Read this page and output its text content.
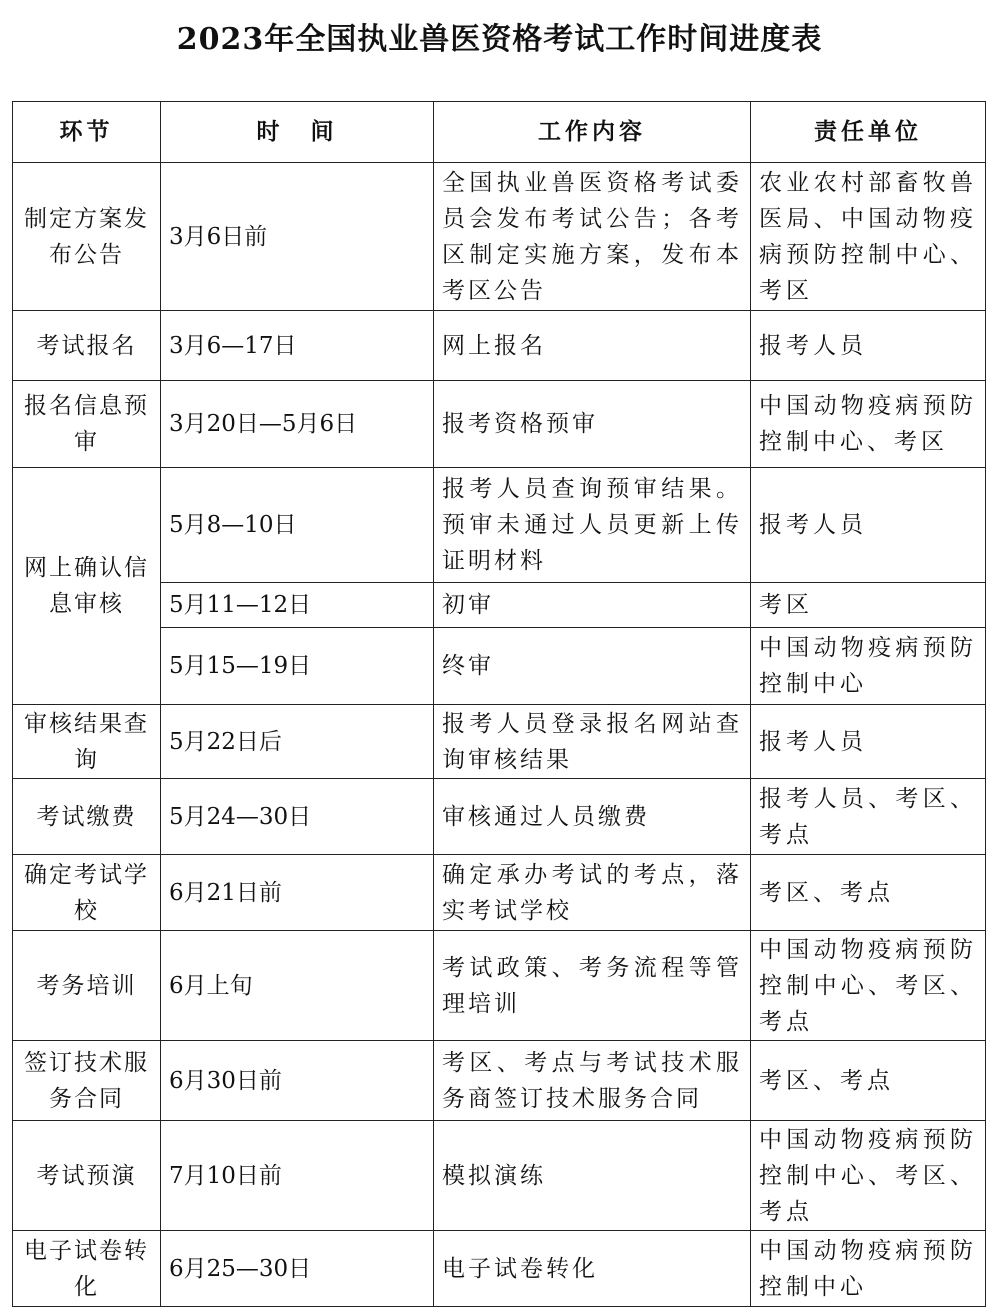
2023年全国执业兽医资格考试工作时间进度表
环节	时　间	工作内容	责任单位
制定方案发布公告	3月6日前	全国执业兽医资格考试委员会发布考试公告；各考区制定实施方案，发布本考区公告	农业农村部畜牧兽医局、中国动物疫病预防控制中心、考区
考试报名	3月6—17日	网上报名	报考人员
报名信息预审	3月20日—5月6日	报考资格预审	中国动物疫病预防控制中心、考区
网上确认信息审核	5月8—10日	报考人员查询预审结果。预审未通过人员更新上传证明材料	报考人员
	5月11—12日	初审	考区
	5月15—19日	终审	中国动物疫病预防控制中心
审核结果查询	5月22日后	报考人员登录报名网站查询审核结果	报考人员
考试缴费	5月24—30日	审核通过人员缴费	报考人员、考区、考点
确定考试学校	6月21日前	确定承办考试的考点，落实考试学校	考区、考点
考务培训	6月上旬	考试政策、考务流程等管理培训	中国动物疫病预防控制中心、考区、考点
签订技术服务合同	6月30日前	考区、考点与考试技术服务商签订技术服务合同	考区、考点
考试预演	7月10日前	模拟演练	中国动物疫病预防控制中心、考区、考点
电子试卷转化	6月25—30日	电子试卷转化	中国动物疫病预防控制中心
